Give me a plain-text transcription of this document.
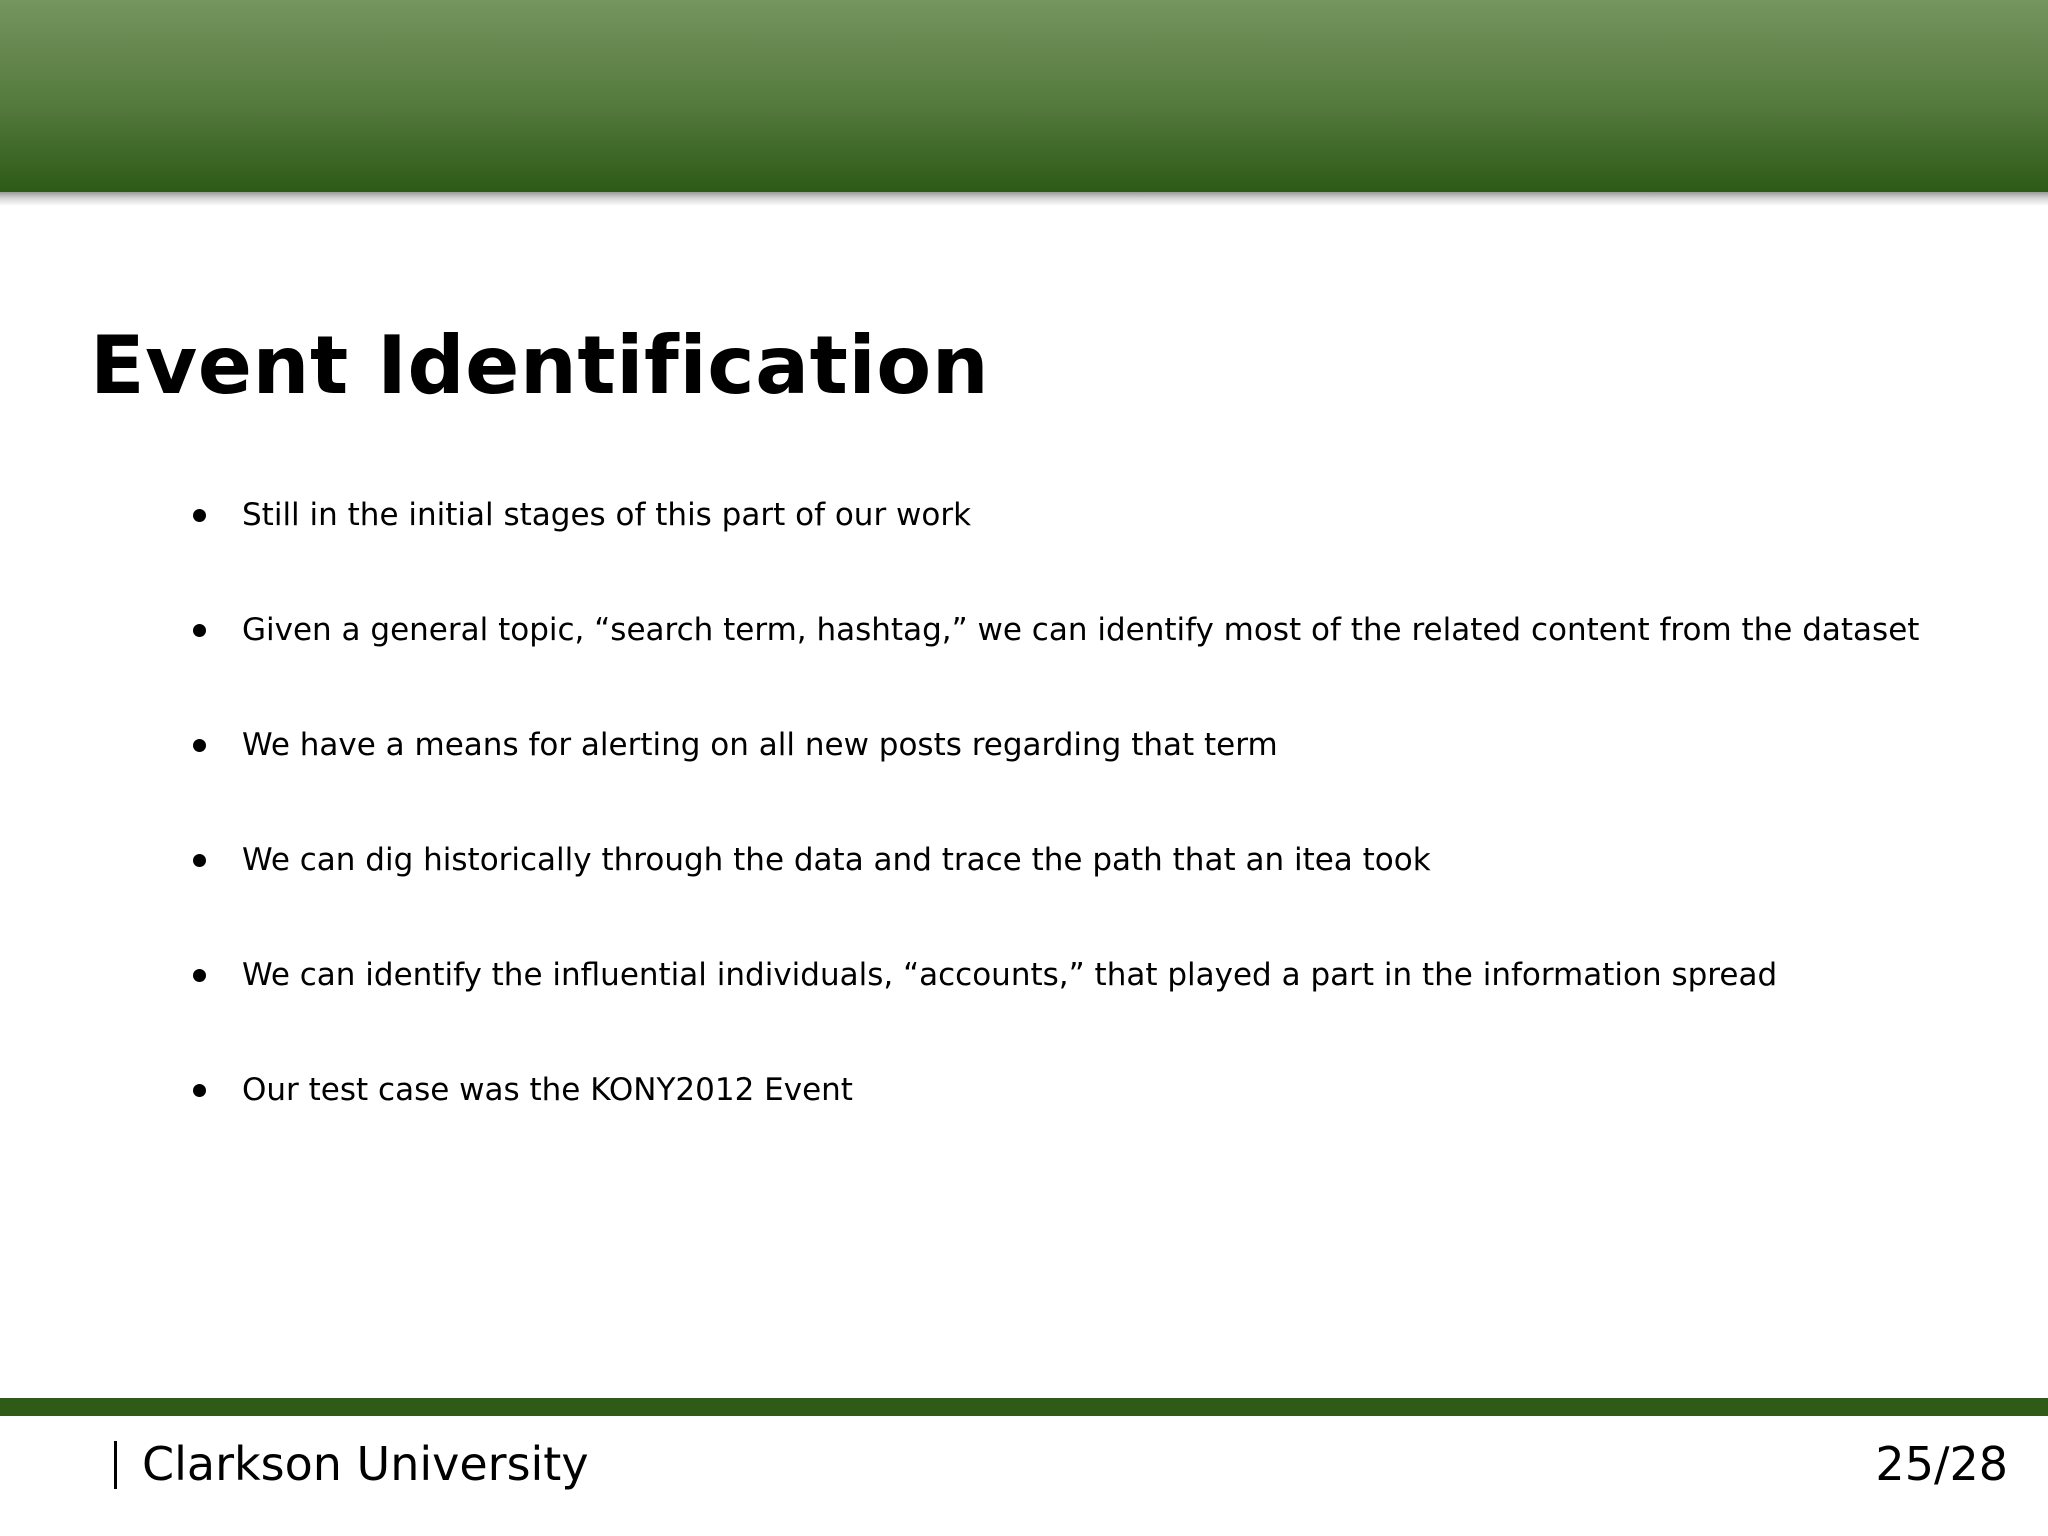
Event Identification
Still in the initial stages of this part of our work
Given a general topic, “search term, hashtag,” we can identify most of the related content from the dataset
We have a means for alerting on all new posts regarding that term
We can dig historically through the data and trace the path that an itea took
We can identify the influential individuals, “accounts,” that played a part in the information spread
Our test case was the KONY2012 Event
Clarkson University	25/28
